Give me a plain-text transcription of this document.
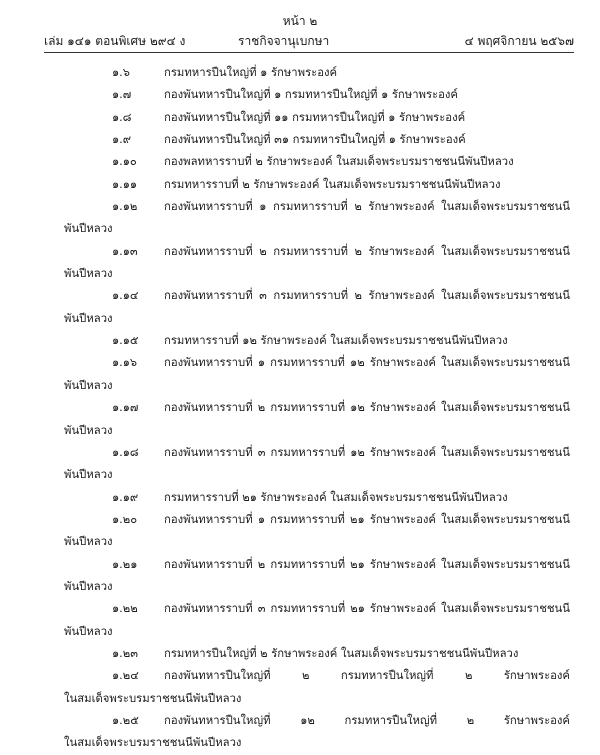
หน้า ๒
เล่ม ๑๔๑ ตอนพิเศษ ๒๙๔ ง	ราชกิจจานุเบกษา	๔ พฤศจิกายน ๒๕๖๗
๑.๖	กรมทหารปืนใหญ่ที่ ๑ รักษาพระองค์
๑.๗	กองพันทหารปืนใหญ่ที่ ๑ กรมทหารปืนใหญ่ที่ ๑ รักษาพระองค์
๑.๘	กองพันทหารปืนใหญ่ที่ ๑๑ กรมทหารปืนใหญ่ที่ ๑ รักษาพระองค์
๑.๙	กองพันทหารปืนใหญ่ที่ ๓๑ กรมทหารปืนใหญ่ที่ ๑ รักษาพระองค์
๑.๑๐ กองพลทหารราบที่ ๒ รักษาพระองค์ ในสมเด็จพระบรมราชชนนีพันปีหลวง
๑.๑๑ กรมทหารราบที่ ๒ รักษาพระองค์ ในสมเด็จพระบรมราชชนนีพันปีหลวง
๑.๑๒ กองพันทหารราบที่ ๑ กรมทหารราบที่ ๒ รักษาพระองค์ ในสมเด็จพระบรมราชชนนี
พันปีหลวง
๑.๑๓ กองพันทหารราบที่ ๒ กรมทหารราบที่ ๒ รักษาพระองค์ ในสมเด็จพระบรมราชชนนี
พันปีหลวง
๑.๑๔ กองพันทหารราบที่ ๓ กรมทหารราบที่ ๒ รักษาพระองค์ ในสมเด็จพระบรมราชชนนี
พันปีหลวง
๑.๑๕ กรมทหารราบที่ ๑๒ รักษาพระองค์ ในสมเด็จพระบรมราชชนนีพันปีหลวง
๑.๑๖ กองพันทหารราบที่ ๑ กรมทหารราบที่ ๑๒ รักษาพระองค์ ในสมเด็จพระบรมราชชนนี
พันปีหลวง
๑.๑๗ กองพันทหารราบที่ ๒ กรมทหารราบที่ ๑๒ รักษาพระองค์ ในสมเด็จพระบรมราชชนนี
พันปีหลวง
๑.๑๘ กองพันทหารราบที่ ๓ กรมทหารราบที่ ๑๒ รักษาพระองค์ ในสมเด็จพระบรมราชชนนี
พันปีหลวง
๑.๑๙ กรมทหารราบที่ ๒๑ รักษาพระองค์ ในสมเด็จพระบรมราชชนนีพันปีหลวง
๑.๒๐ กองพันทหารราบที่ ๑ กรมทหารราบที่ ๒๑ รักษาพระองค์ ในสมเด็จพระบรมราชชนนี
พันปีหลวง
๑.๒๑ กองพันทหารราบที่ ๒ กรมทหารราบที่ ๒๑ รักษาพระองค์ ในสมเด็จพระบรมราชชนนี
พันปีหลวง
๑.๒๒ กองพันทหารราบที่ ๓ กรมทหารราบที่ ๒๑ รักษาพระองค์ ในสมเด็จพระบรมราชชนนี
พันปีหลวง
๑.๒๓ กรมทหารปืนใหญ่ที่ ๒ รักษาพระองค์ ในสมเด็จพระบรมราชชนนีพันปีหลวง
๑.๒๔ กองพันทหารปืนใหญ่ที่ ๒ กรมทหารปืนใหญ่ที่ ๒ รักษาพระองค์
ในสมเด็จพระบรมราชชนนีพันปีหลวง
๑.๒๕ กองพันทหารปืนใหญ่ที่ ๑๒ กรมทหารปืนใหญ่ที่ ๒ รักษาพระองค์
ในสมเด็จพระบรมราชชนนีพันปีหลวง
